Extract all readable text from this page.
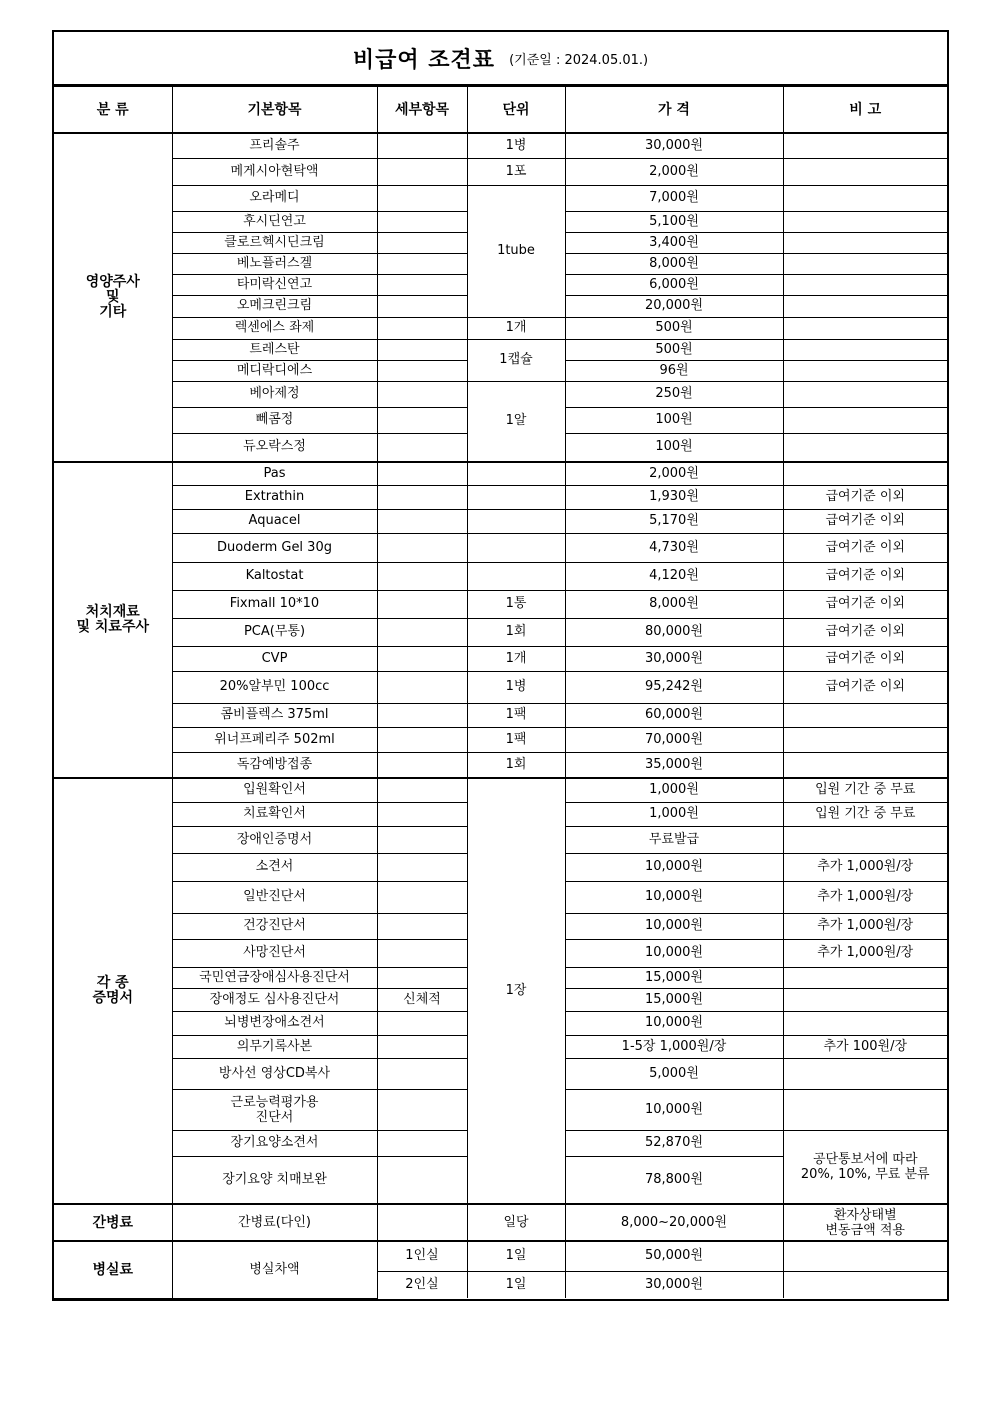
비급여 조견표 (기준일 : 2024.05.01.)
분 류	기본항목	세부항목	단위	가 격	비 고
영양주사
및
기타	프리솔주		1병	30,000원	
	메게시아현탁액		1포	2,000원	
	오라메디		1tube	7,000원	
	후시딘연고			5,100원	
	클로르헥시딘크림			3,400원	
	베노플러스겔			8,000원	
	타미락신연고			6,000원	
	오메크린크림			20,000원	
	렉센에스 좌제		1개	500원	
	트레스탄		1캡슐	500원	
	메디락디에스			96원	
	베아제정		1알	250원	
	뻬콤정			100원	
	듀오락스정			100원	
처치재료
및 치료주사	Pas			2,000원	
	Extrathin			1,930원	급여기준 이외
	Aquacel			5,170원	급여기준 이외
	Duoderm Gel 30g			4,730원	급여기준 이외
	Kaltostat			4,120원	급여기준 이외
	Fixmall 10*10		1통	8,000원	급여기준 이외
	PCA(무통)		1회	80,000원	급여기준 이외
	CVP		1개	30,000원	급여기준 이외
	20%알부민 100cc		1병	95,242원	급여기준 이외
	콤비플렉스 375ml		1팩	60,000원	
	위너프페리주 502ml		1팩	70,000원	
	독감예방접종		1회	35,000원	
각 종
증명서	입원확인서		1장	1,000원	입원 기간 중 무료
	치료확인서			1,000원	입원 기간 중 무료
	장애인증명서			무료발급	
	소견서			10,000원	추가 1,000원/장
	일반진단서			10,000원	추가 1,000원/장
	건강진단서			10,000원	추가 1,000원/장
	사망진단서			10,000원	추가 1,000원/장
	국민연금장애심사용진단서			15,000원	
	장애정도 심사용진단서	신체적		15,000원	
	뇌병변장애소견서			10,000원	
	의무기록사본			1-5장 1,000원/장	추가 100원/장
	방사선 영상CD복사			5,000원	
	근로능력평가용
진단서			10,000원	
	장기요양소견서			52,870원	공단통보서에 따라
20%, 10%, 무료 분류
	장기요양 치매보완			78,800원	
간병료	간병료(다인)		일당	8,000~20,000원	환자상태별
변동금액 적용
병실료	병실차액	1인실	1일	50,000원	
		2인실	1일	30,000원	
